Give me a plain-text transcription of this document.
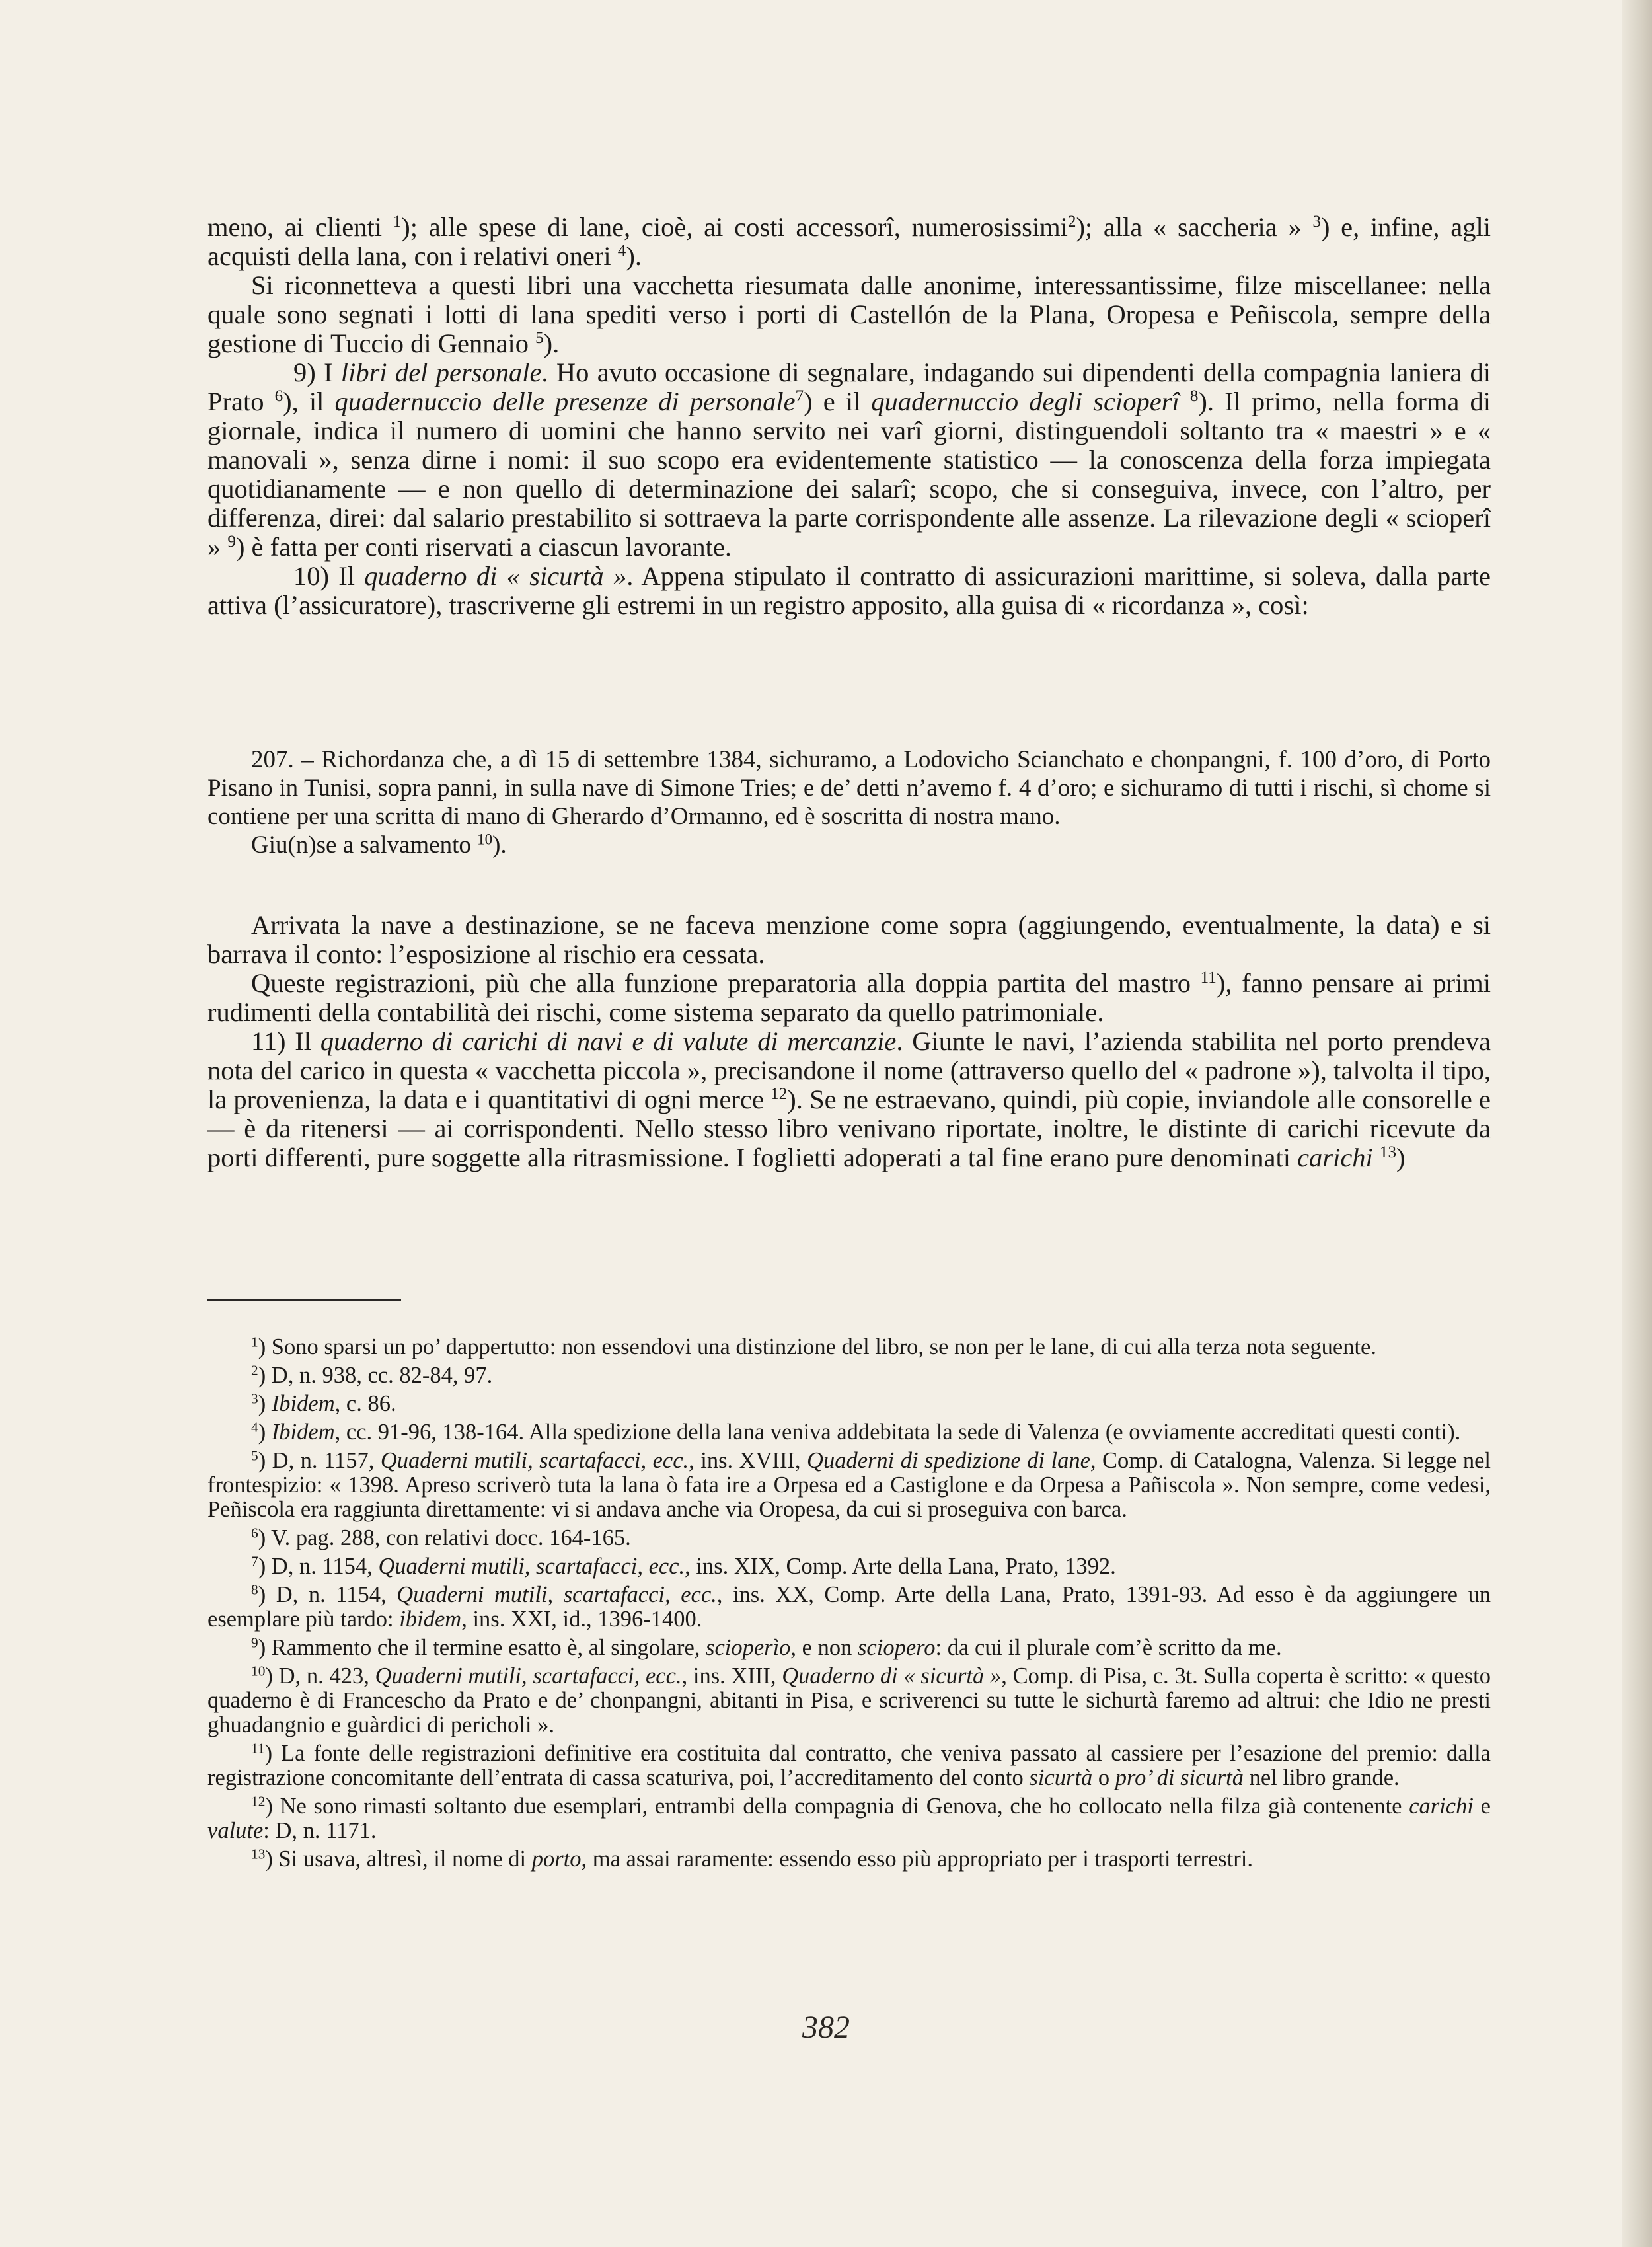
meno, ai clienti $^1$); alle spese di lane, cioè, ai costi accessorî, numerosissimi$^2$); alla « saccheria » $^3$) e, infine, agli acquisti della lana, con i relativi oneri $^4$).

Si riconnetteva a questi libri una vacchetta riesumata dalle anonime, interessantissime, filze miscellanee: nella quale sono segnati i lotti di lana spediti verso i porti di Castellón de la Plana, Oropesa e Peñiscola, sempre della gestione di Tuccio di Gennaio $^5$).

9) I libri del personale. Ho avuto occasione di segnalare, indagando sui dipendenti della compagnia laniera di Prato $^6$), il quadernuccio delle presenze di personale$^7$) e il quadernuccio degli scioperî $^8$). Il primo, nella forma di giornale, indica il numero di uomini che hanno servito nei varî giorni, distinguendoli soltanto tra « maestri » e « manovali », senza dirne i nomi: il suo scopo era evidentemente statistico — la conoscenza della forza impiegata quotidianamente — e non quello di determinazione dei salarî; scopo, che si conseguiva, invece, con l’altro, per differenza, direi: dal salario prestabilito si sottraeva la parte corrispondente alle assenze. La rilevazione degli « scioperî » $^9$) è fatta per conti riservati a ciascun lavorante.

10) Il quaderno di « sicurtà ». Appena stipulato il contratto di assicurazioni marittime, si soleva, dalla parte attiva (l’assicuratore), trascriverne gli estremi in un registro apposito, alla guisa di « ricordanza », così:

207. – Richordanza che, a dì 15 di settembre 1384, sichuramo, a Lodovicho Scianchato e chonpangni, f. 100 d’oro, di Porto Pisano in Tunisi, sopra panni, in sulla nave di Simone Tries; e de’ detti n’avemo f. 4 d’oro; e sichuramo di tutti i rischi, sì chome si contiene per una scritta di mano di Gherardo d’Ormanno, ed è soscritta di nostra mano.

Giu(n)se a salvamento $^{10}$).

Arrivata la nave a destinazione, se ne faceva menzione come sopra (aggiungendo, eventualmente, la data) e si barrava il conto: l’esposizione al rischio era cessata.

Queste registrazioni, più che alla funzione preparatoria alla doppia partita del mastro $^{11}$), fanno pensare ai primi rudimenti della contabilità dei rischi, come sistema separato da quello patrimoniale.

11) Il quaderno di carichi di navi e di valute di mercanzie. Giunte le navi, l’azienda stabilita nel porto prendeva nota del carico in questa « vacchetta piccola », precisandone il nome (attraverso quello del « padrone »), talvolta il tipo, la provenienza, la data e i quantitativi di ogni merce $^{12}$). Se ne estraevano, quindi, più copie, inviandole alle consorelle e — è da ritenersi — ai corrispondenti. Nello stesso libro venivano riportate, inoltre, le distinte di carichi ricevute da porti differenti, pure soggette alla ritrasmissione. I foglietti adoperati a tal fine erano pure denominati carichi $^{13}$)

$^1$) Sono sparsi un po’ dappertutto: non essendovi una distinzione del libro, se non per le lane, di cui alla terza nota seguente.

$^2$) D, n. 938, cc. 82-84, 97.

$^3$) Ibidem, c. 86.

$^4$) Ibidem, cc. 91-96, 138-164. Alla spedizione della lana veniva addebitata la sede di Valenza (e ovviamente accreditati questi conti).

$^5$) D, n. 1157, Quaderni mutili, scartafacci, ecc., ins. XVIII, Quaderni di spedizione di lane, Comp. di Catalogna, Valenza. Si legge nel frontespizio: « 1398. Apreso scriverò tuta la lana ò fata ire a Orpesa ed a Castiglone e da Orpesa a Pañiscola ». Non sempre, come vedesi, Peñiscola era raggiunta direttamente: vi si andava anche via Oropesa, da cui si proseguiva con barca.

$^6$) V. pag. 288, con relativi docc. 164-165.

$^7$) D, n. 1154, Quaderni mutili, scartafacci, ecc., ins. XIX, Comp. Arte della Lana, Prato, 1392.

$^8$) D, n. 1154, Quaderni mutili, scartafacci, ecc., ins. XX, Comp. Arte della Lana, Prato, 1391-93. Ad esso è da aggiungere un esemplare più tardo: ibidem, ins. XXI, id., 1396-1400.

$^9$) Rammento che il termine esatto è, al singolare, scioperìo, e non sciopero: da cui il plurale com’è scritto da me.

$^{10}$) D, n. 423, Quaderni mutili, scartafacci, ecc., ins. XIII, Quaderno di « sicurtà », Comp. di Pisa, c. 3t. Sulla coperta è scritto: « questo quaderno è di Francescho da Prato e de’ chonpangni, abitanti in Pisa, e scriverenci su tutte le sichurtà faremo ad altrui: che Idio ne presti ghuadangnio e guàrdici di pericholi ».

$^{11}$) La fonte delle registrazioni definitive era costituita dal contratto, che veniva passato al cassiere per l’esazione del premio: dalla registrazione concomitante dell’entrata di cassa scaturiva, poi, l’accreditamento del conto sicurtà o pro’ di sicurtà nel libro grande.

$^{12}$) Ne sono rimasti soltanto due esemplari, entrambi della compagnia di Genova, che ho collocato nella filza già contenente carichi e valute: D, n. 1171.

$^{13}$) Si usava, altresì, il nome di porto, ma assai raramente: essendo esso più appropriato per i trasporti terrestri.

382
